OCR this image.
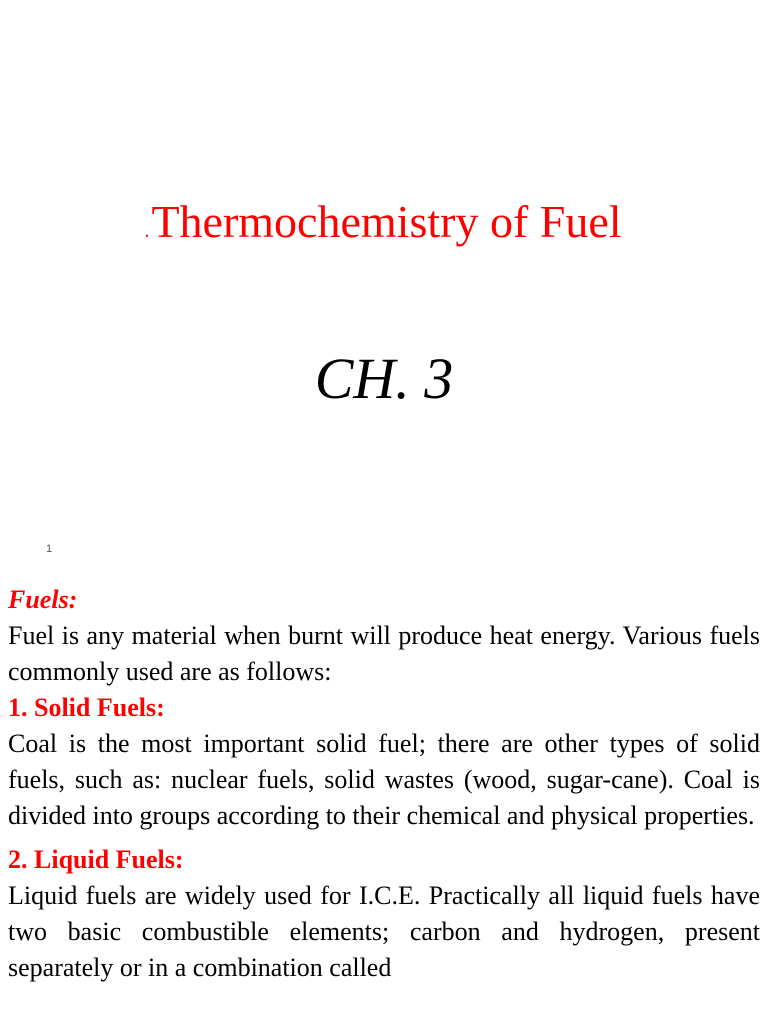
.Thermochemistry of Fuel
CH. 3
1
Fuels:

Fuel is any material when burnt will produce heat energy. Various fuels commonly used are as follows:

1. Solid Fuels:

Coal is the most important solid fuel; there are other types of solid fuels, such as: nuclear fuels, solid wastes (wood, sugar-cane). Coal is divided into groups according to their chemical and physical properties.

2. Liquid Fuels:

Liquid fuels are widely used for I.C.E. Practically all liquid fuels have two basic combustible elements; carbon and hydrogen, present separately or in a combination called
